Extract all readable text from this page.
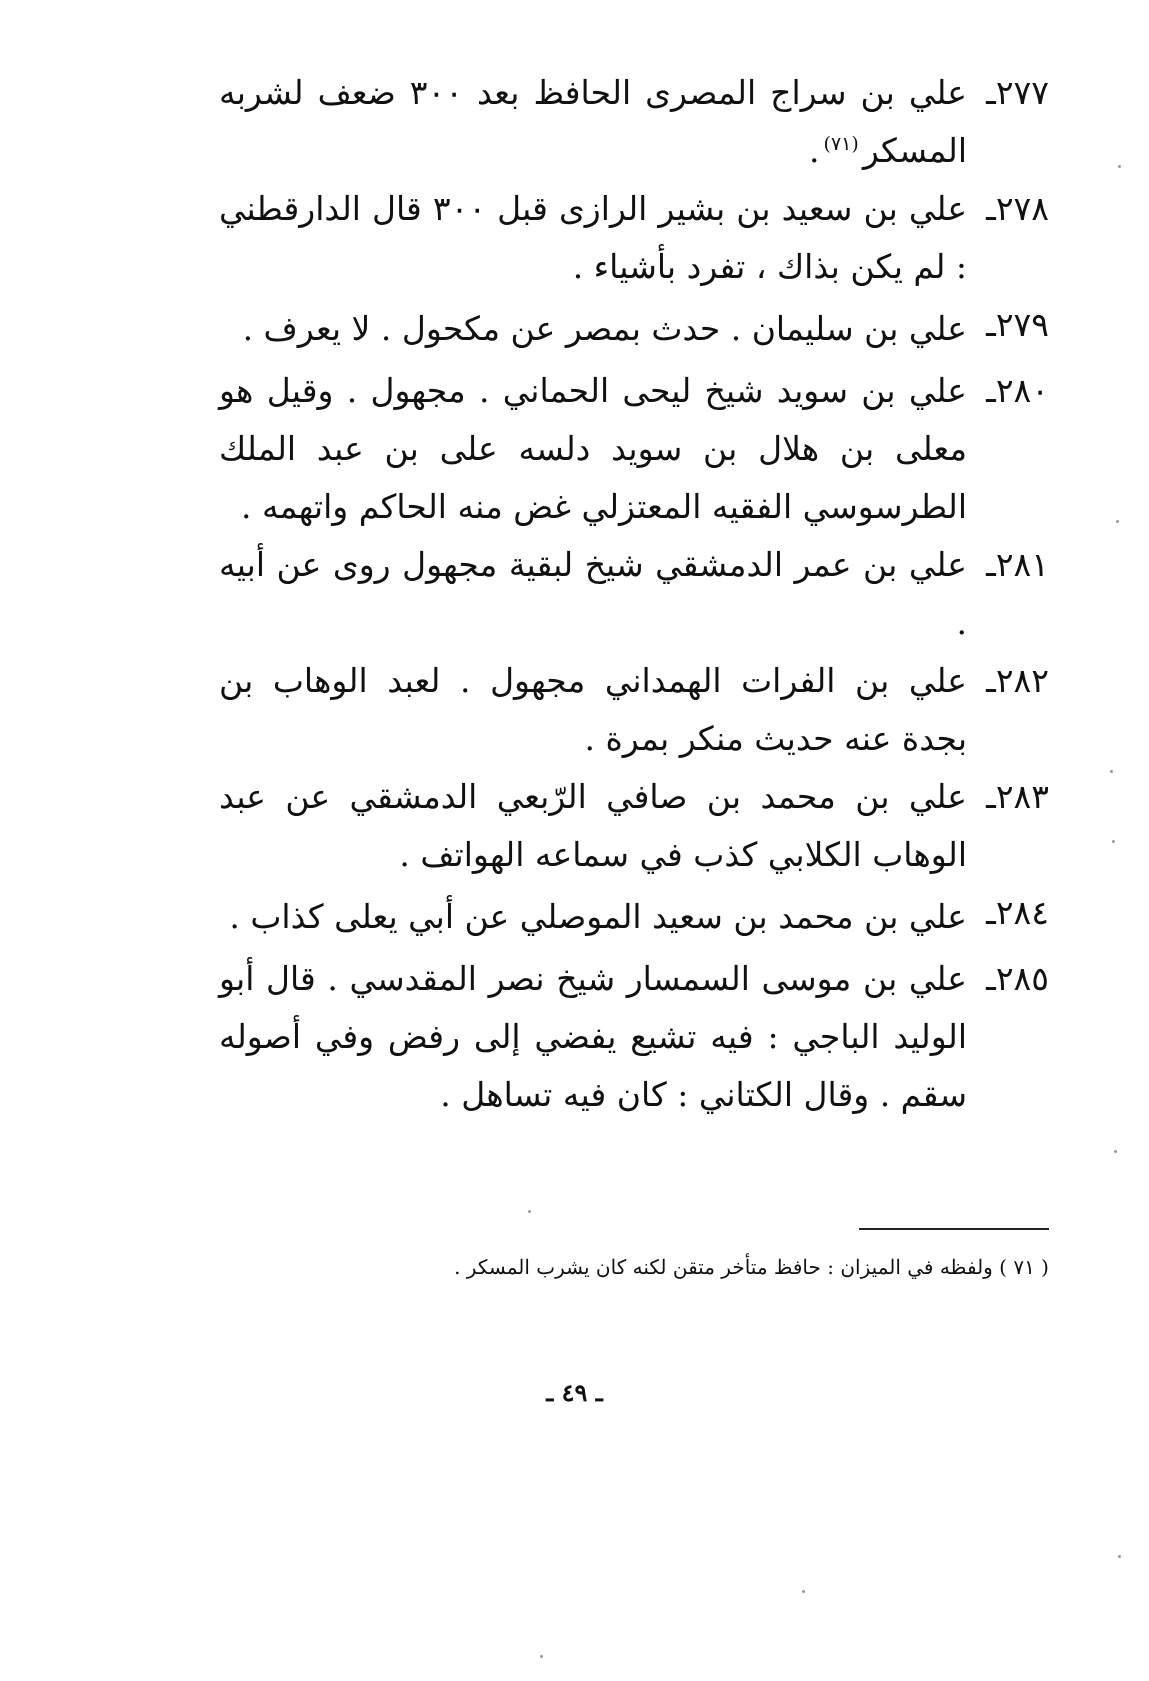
٢٧٧ـ
علي بن سراج المصرى الحافظ بعد ٣٠٠ ضعف لشربه المسكر$^{(٧١)}$.
٢٧٨ـ
علي بن سعيد بن بشير الرازى قبل ٣٠٠ قال الدارقطني : لم يكن بذاك ، تفرد بأشياء .
٢٧٩ـ
علي بن سليمان . حدث بمصر عن مكحول . لا يعرف .
٢٨٠ـ
علي بن سويد شيخ ليحى الحماني . مجهول . وقيل هو معلى بن هلال بن سويد دلسه على بن عبد الملك الطرسوسي الفقيه المعتزلي غض منه الحاكم واتهمه .
٢٨١ـ
علي بن عمر الدمشقي شيخ لبقية مجهول روى عن أبيه .
٢٨٢ـ
علي بن الفرات الهمداني مجهول . لعبد الوهاب بن بجدة عنه حديث منكر بمرة .
٢٨٣ـ
علي بن محمد بن صافي الرّبعي الدمشقي عن عبد الوهاب الكلابي كذب في سماعه الهواتف .
٢٨٤ـ
علي بن محمد بن سعيد الموصلي عن أبي يعلى كذاب .
٢٨٥ـ
علي بن موسى السمسار شيخ نصر المقدسي . قال أبو الوليد الباجي : فيه تشيع يفضي إلى رفض وفي أصوله سقم . وقال الكتاني : كان فيه تساهل .
( ٧١ ) ولفظه في الميزان : حافظ متأخر متقن لكنه كان يشرب المسكر .
ـ ٤٩ ـ
